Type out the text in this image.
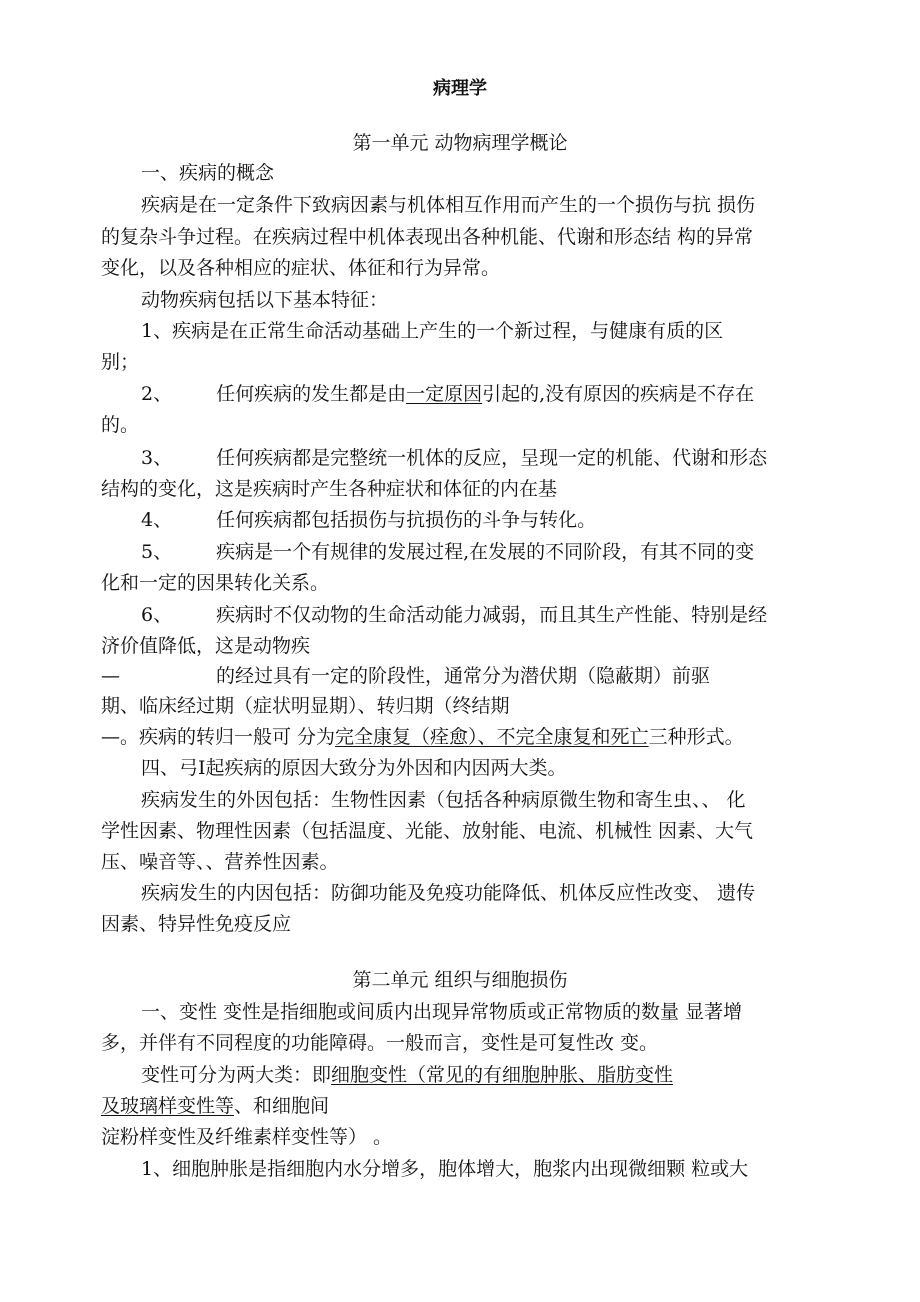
病理学
第一单元 动物病理学概论
一、疾病的概念
疾病是在一定条件下致病因素与机体相互作用而产生的一个损伤与抗 损伤
的复杂斗争过程。在疾病过程中机体表现出各种机能、代谢和形态结 构的异常
变化，以及各种相应的症状、体征和行为异常。
动物疾病包括以下基本特征：
1、疾病是在正常生命活动基础上产生的一个新过程，与健康有质的区
别；
2、 任何疾病的发生都是由一定原因引起的,没有原因的疾病是不存在
的。
3、 任何疾病都是完整统一机体的反应，呈现一定的机能、代谢和形态
结构的变化，这是疾病时产生各种症状和体征的内在基
4、 任何疾病都包括损伤与抗损伤的斗争与转化。
5、 疾病是一个有规律的发展过程,在发展的不同阶段，有其不同的变
化和一定的因果转化关系。
6、 疾病时不仅动物的生命活动能力减弱，而且其生产性能、特别是经
济价值降低，这是动物疾
—	的经过具有一定的阶段性，通常分为潜伏期（隐蔽期）前驱
期、临床经过期（症状明显期）、转归期（终结期
—。疾病的转归一般可 分为完全康复（痊愈）、不完全康复和死亡三种形式。
四、弓I起疾病的原因大致分为外因和内因两大类。
疾病发生的外因包括：生物性因素（包括各种病原微生物和寄生虫、、 化
学性因素、物理性因素（包括温度、光能、放射能、电流、机械性 因素、大气
压、噪音等、、营养性因素。
疾病发生的内因包括：防御功能及免疫功能降低、机体反应性改变、 遗传
因素、特异性免疫反应
第二单元 组织与细胞损伤
一、变性 变性是指细胞或间质内出现异常物质或正常物质的数量 显著增
多，并伴有不同程度的功能障碍。一般而言，变性是可复性改 变。
变性可分为两大类：即细胞变性（常见的有细胞肿胀、脂肪变性
及玻璃样变性等、和细胞间
淀粉样变性及纤维素样变性等） 。
1、细胞肿胀是指细胞内水分增多，胞体增大，胞浆内出现微细颗 粒或大
